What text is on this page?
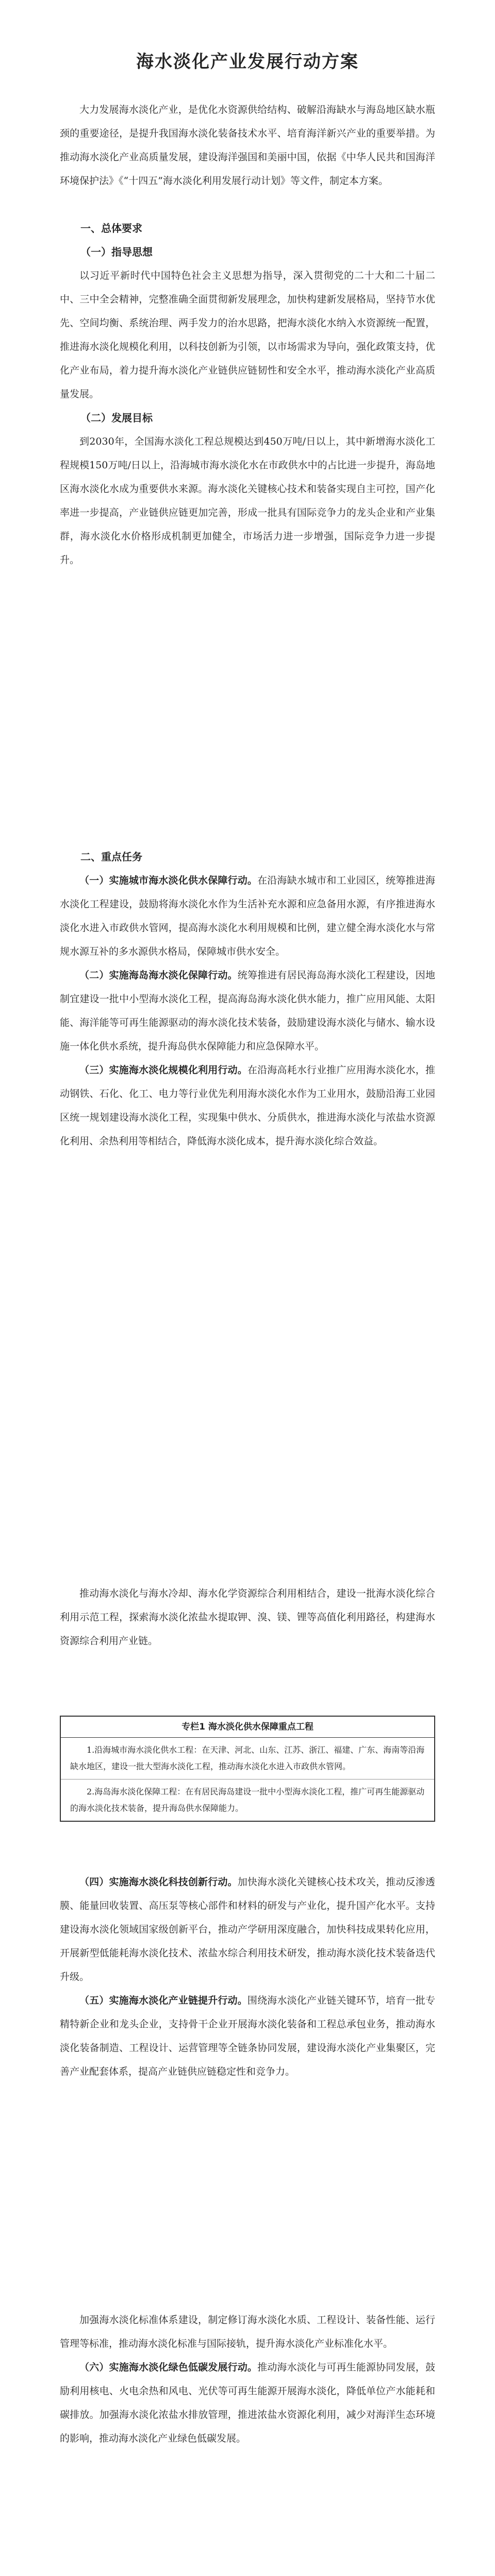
海水淡化产业发展行动方案

大力发展海水淡化产业，是优化水资源供给结构、破解沿海缺水与海岛地区缺水瓶颈的重要途径，是提升我国海水淡化装备技术水平、培育海洋新兴产业的重要举措。为推动海水淡化产业高质量发展，建设海洋强国和美丽中国，依据《中华人民共和国海洋环境保护法》《“十四五”海水淡化利用发展行动计划》等文件，制定本方案。

一、总体要求

（一）指导思想

以习近平新时代中国特色社会主义思想为指导，深入贯彻党的二十大和二十届二中、三中全会精神，完整准确全面贯彻新发展理念，加快构建新发展格局，坚持节水优先、空间均衡、系统治理、两手发力的治水思路，把海水淡化水纳入水资源统一配置，推进海水淡化规模化利用，以科技创新为引领，以市场需求为导向，强化政策支持，优化产业布局，着力提升海水淡化产业链供应链韧性和安全水平，推动海水淡化产业高质量发展。

（二）发展目标

到2030年，全国海水淡化工程总规模达到450万吨/日以上，其中新增海水淡化工程规模150万吨/日以上，沿海城市海水淡化水在市政供水中的占比进一步提升，海岛地区海水淡化水成为重要供水来源。海水淡化关键核心技术和装备实现自主可控，国产化率进一步提高，产业链供应链更加完善，形成一批具有国际竞争力的龙头企业和产业集群，海水淡化水价格形成机制更加健全，市场活力进一步增强，国际竞争力进一步提升。

二、重点任务

（一）实施城市海水淡化供水保障行动。在沿海缺水城市和工业园区，统筹推进海水淡化工程建设，鼓励将海水淡化水作为生活补充水源和应急备用水源，有序推进海水淡化水进入市政供水管网，提高海水淡化水利用规模和比例，建立健全海水淡化水与常规水源互补的多水源供水格局，保障城市供水安全。

（二）实施海岛海水淡化保障行动。统筹推进有居民海岛海水淡化工程建设，因地制宜建设一批中小型海水淡化工程，提高海岛海水淡化供水能力，推广应用风能、太阳能、海洋能等可再生能源驱动的海水淡化技术装备，鼓励建设海水淡化与储水、输水设施一体化供水系统，提升海岛供水保障能力和应急保障水平。

（三）实施海水淡化规模化利用行动。在沿海高耗水行业推广应用海水淡化水，推动钢铁、石化、化工、电力等行业优先利用海水淡化水作为工业用水，鼓励沿海工业园区统一规划建设海水淡化工程，实现集中供水、分质供水，推进海水淡化与浓盐水资源化利用、余热利用等相结合，降低海水淡化成本，提升海水淡化综合效益。

推动海水淡化与海水冷却、海水化学资源综合利用相结合，建设一批海水淡化综合利用示范工程，探索海水淡化浓盐水提取钾、溴、镁、锂等高值化利用路径，构建海水资源综合利用产业链。

专栏1 海水淡化供水保障重点工程
1.沿海城市海水淡化供水工程：在天津、河北、山东、江苏、浙江、福建、广东、海南等沿海缺水地区，建设一批大型海水淡化工程，推动海水淡化水进入市政供水管网。
2.海岛海水淡化保障工程：在有居民海岛建设一批中小型海水淡化工程，推广可再生能源驱动的海水淡化技术装备，提升海岛供水保障能力。

（四）实施海水淡化科技创新行动。加快海水淡化关键核心技术攻关，推动反渗透膜、能量回收装置、高压泵等核心部件和材料的研发与产业化，提升国产化水平。支持建设海水淡化领域国家级创新平台，推动产学研用深度融合，加快科技成果转化应用，开展新型低能耗海水淡化技术、浓盐水综合利用技术研发，推动海水淡化技术装备迭代升级。

（五）实施海水淡化产业链提升行动。围绕海水淡化产业链关键环节，培育一批专精特新企业和龙头企业，支持骨干企业开展海水淡化装备和工程总承包业务，推动海水淡化装备制造、工程设计、运营管理等全链条协同发展，建设海水淡化产业集聚区，完善产业配套体系，提高产业链供应链稳定性和竞争力。

加强海水淡化标准体系建设，制定修订海水淡化水质、工程设计、装备性能、运行管理等标准，推动海水淡化标准与国际接轨，提升海水淡化产业标准化水平。

（六）实施海水淡化绿色低碳发展行动。推动海水淡化与可再生能源协同发展，鼓励利用核电、火电余热和风电、光伏等可再生能源开展海水淡化，降低单位产水能耗和碳排放。加强海水淡化浓盐水排放管理，推进浓盐水资源化利用，减少对海洋生态环境的影响，推动海水淡化产业绿色低碳发展。
